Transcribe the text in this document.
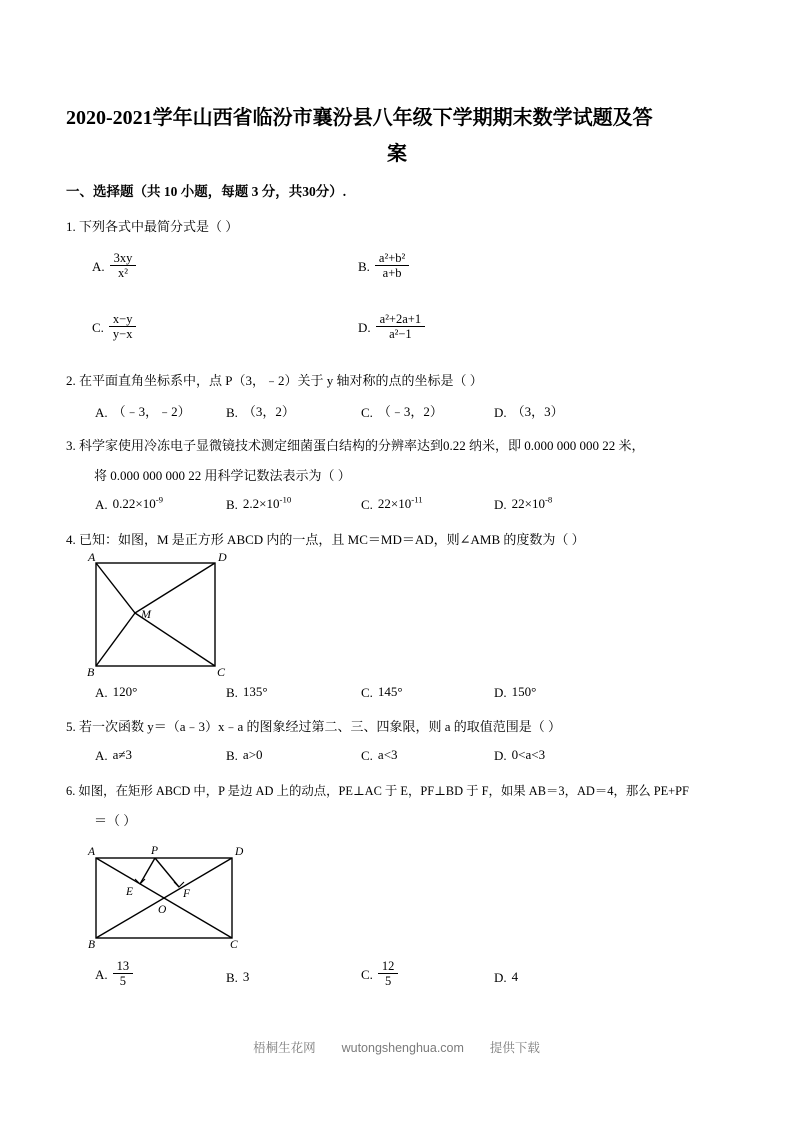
2020-2021学年山西省临汾市襄汾县八年级下学期期末数学试题及答
案
一、选择题（共 10 小题，每题 3 分，共30分）.
1. 下列各式中最简分式是（ ）
A. $\frac{3xy}{\text{x²}}$	B. $\frac{\text{a²+b²}}{a+b}$
C. $\frac{x-y}{y-x}$	D. $\frac{\text{a²+2a+1}}{\text{a²−1}}$
2. 在平面直角坐标系中，点 P（3，﹣2）关于 y 轴对称的点的坐标是（ ）
A. （﹣3，﹣2）	B. （3，2）	C. （﹣3，2）	D. （3，3）
3. 科学家使用冷冻电子显微镜技术测定细菌蛋白结构的分辨率达到0.22 纳米，即 0.000 000 000 22 米，
将 0.000 000 000 22 用科学记数法表示为（ ）
A. $0.22\times 10^{-9}$	B. $2.2\times 10^{-10}$	C. $22\times 10^{-11}$	D. $22\times 10^{-8}$
4. 已知：如图，M 是正方形 ABCD 内的一点，且 MC＝MD＝AD，则∠AMB 的度数为（ ）
A	D
B	C
M
A. 120°	B. 135°	C. 145°	D. 150°
5. 若一次函数 y＝（a﹣3）x﹣a 的图象经过第二、三、四象限，则 a 的取值范围是（ ）
A. a≠3	B. a>0	C. a<3	D. 0<a<3
6. 如图，在矩形 ABCD 中，P 是边 AD 上的动点，PE⊥AC 于 E，PF⊥BD 于 F，如果 AB＝3，AD＝4，那么 PE+PF
＝（ ）
A	D
B	C
P
E	F
O
A. $\frac{13}{5}$	B. 3	C. $\frac{12}{5}$	D. 4
梧桐生花网 wutongshenghua.com 提供下载
